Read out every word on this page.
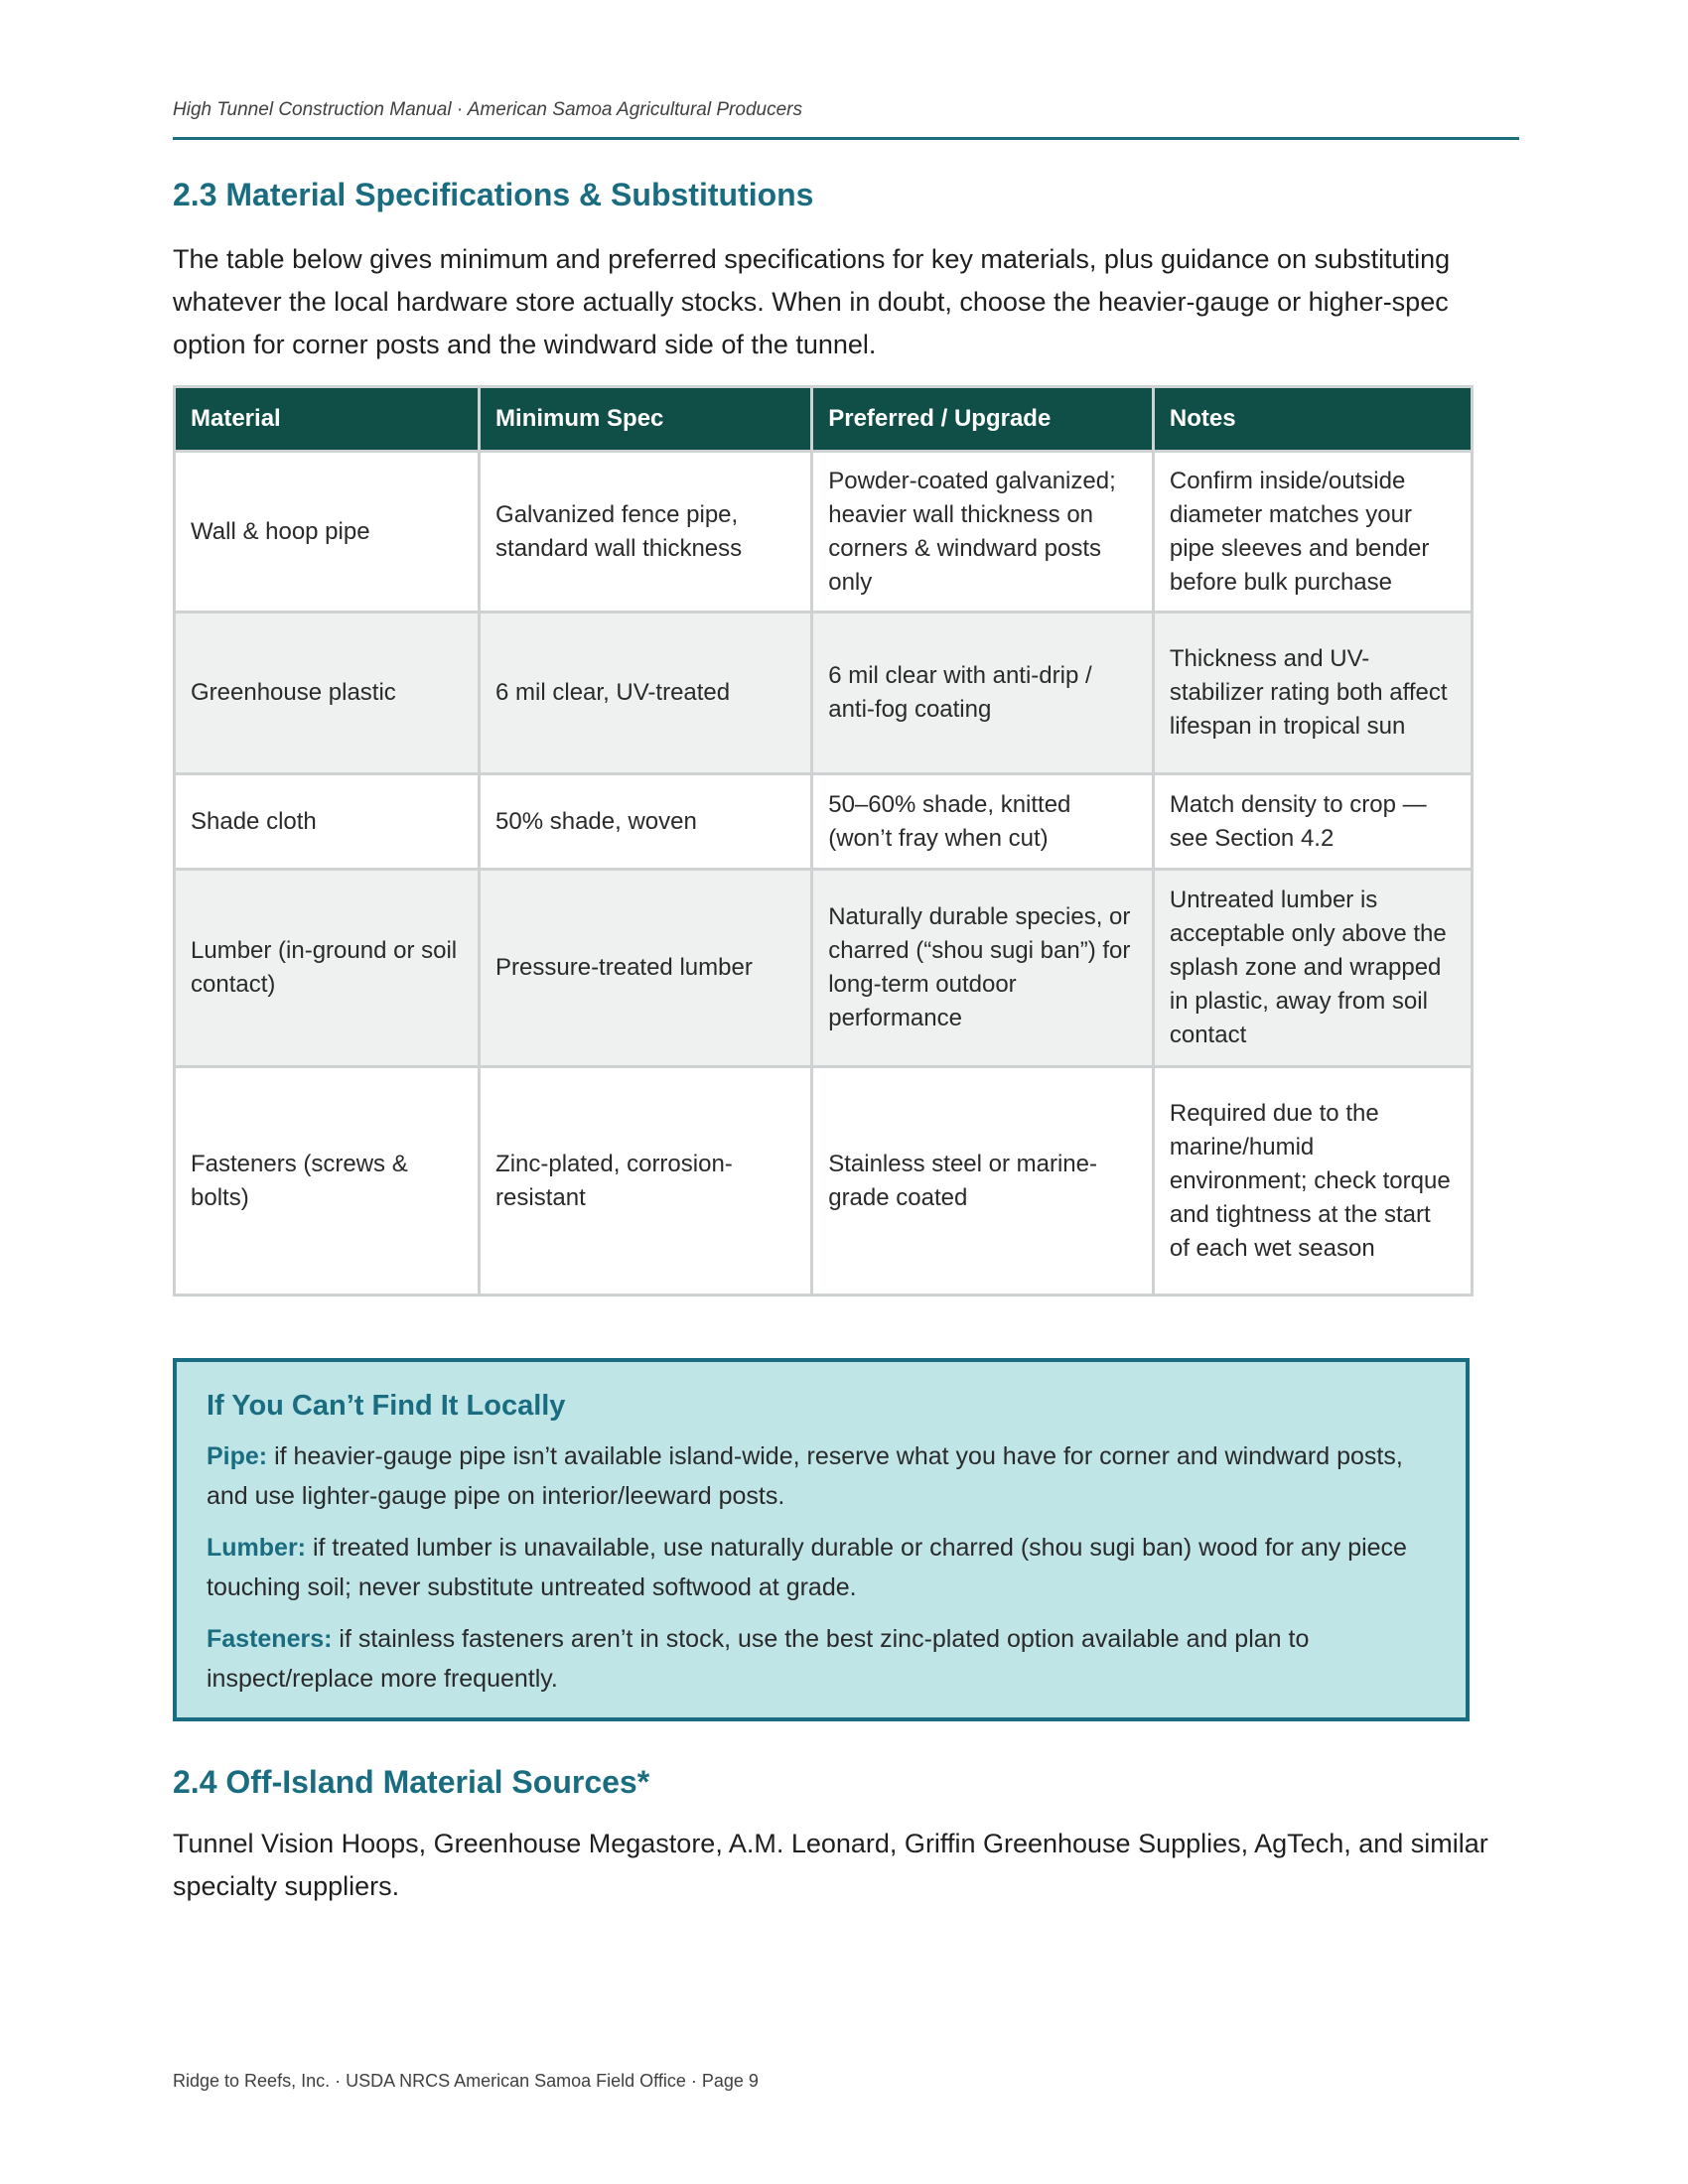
High Tunnel Construction Manual · American Samoa Agricultural Producers
2.3 Material Specifications & Substitutions

The table below gives minimum and preferred specifications for key materials, plus guidance on substituting whatever the local hardware store actually stocks. When in doubt, choose the heavier-gauge or higher-spec option for corner posts and the windward side of the tunnel.

Material	Minimum Spec	Preferred / Upgrade	Notes
Wall & hoop pipe	Galvanized fence pipe, standard wall thickness	Powder-coated galvanized; heavier wall thickness on corners & windward posts only	Confirm inside/outside diameter matches your pipe sleeves and bender before bulk purchase
Greenhouse plastic	6 mil clear, UV-treated	6 mil clear with anti-drip / anti-fog coating	Thickness and UV-stabilizer rating both affect lifespan in tropical sun
Shade cloth	50% shade, woven	50–60% shade, knitted (won’t fray when cut)	Match density to crop — see Section 4.2
Lumber (in-ground or soil contact)	Pressure-treated lumber	Naturally durable species, or charred (“shou sugi ban”) for long-term outdoor performance	Untreated lumber is acceptable only above the splash zone and wrapped in plastic, away from soil contact
Fasteners (screws & bolts)	Zinc-plated, corrosion-resistant	Stainless steel or marine-grade coated	Required due to the marine/humid environment; check torque and tightness at the start of each wet season
If You Can’t Find It Locally

Pipe: if heavier-gauge pipe isn’t available island-wide, reserve what you have for corner and windward posts, and use lighter-gauge pipe on interior/leeward posts.

Lumber: if treated lumber is unavailable, use naturally durable or charred (shou sugi ban) wood for any piece touching soil; never substitute untreated softwood at grade.

Fasteners: if stainless fasteners aren’t in stock, use the best zinc-plated option available and plan to inspect/replace more frequently.

2.4 Off-Island Material Sources*

Tunnel Vision Hoops, Greenhouse Megastore, A.M. Leonard, Griffin Greenhouse Supplies, AgTech, and similar specialty suppliers.

Ridge to Reefs, Inc. · USDA NRCS American Samoa Field Office · Page 9
